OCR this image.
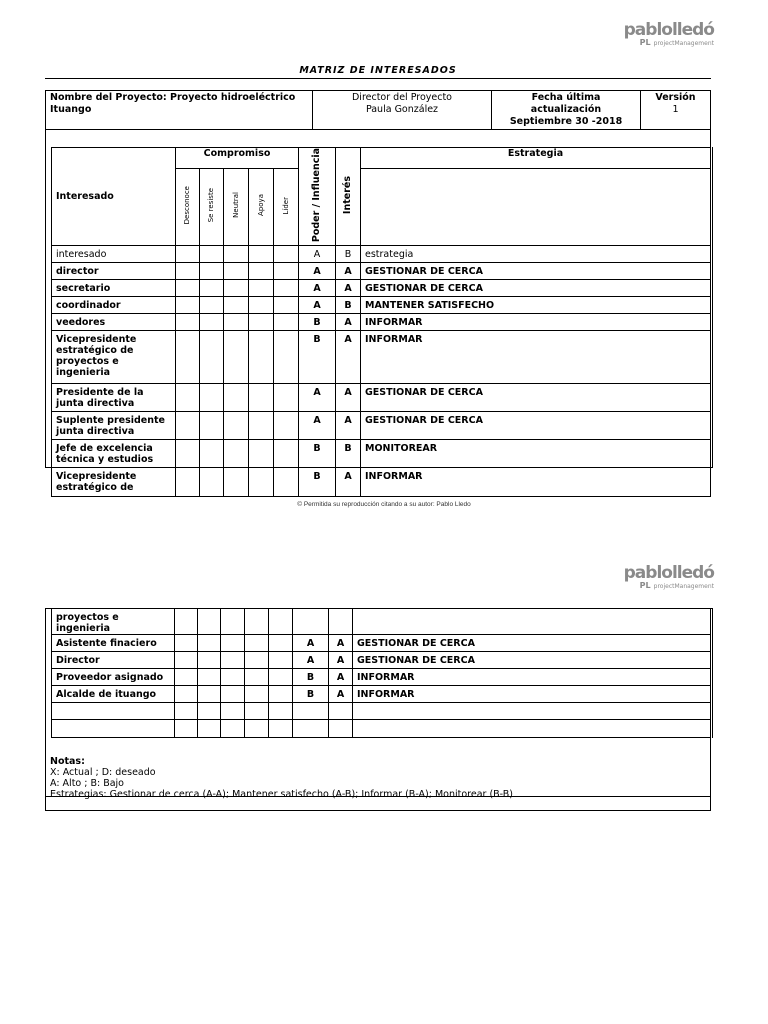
pablolledó
PL projectManagement
MATRIZ DE INTERESADOS
Nombre del Proyecto: Proyecto hidroeléctrico Ituango	
Director del Proyecto
Paula González

Fecha última actualización
Septiembre 30 -2018

Versión
1
Interesado	Compromiso					Poder / Influencia	Interés	Estrategia
	Desconoce	Se resiste	Neutral	Apoya	Líder			
interesado						A	B	estrategia
director						A	A	GESTIONAR DE CERCA
secretario						A	A	GESTIONAR DE CERCA
coordinador						A	B	MANTENER SATISFECHO
veedores						B	A	INFORMAR
Vicepresidente estratégico de proyectos e ingenieria						B	A	INFORMAR
Presidente de la junta directiva						A	A	GESTIONAR DE CERCA
Suplente presidente junta directiva						A	A	GESTIONAR DE CERCA
Jefe de excelencia técnica y estudios						B	B	MONITOREAR
Vicepresidente estratégico de						B	A	INFORMAR
© Permitida su reproducción citando a su autor: Pablo Lledo
pablolledó
PL projectManagement
proyectos e ingenieria								
Asistente finaciero						A	A	GESTIONAR DE CERCA
Director						A	A	GESTIONAR DE CERCA
Proveedor asignado						B	A	INFORMAR
Alcalde de ituango						B	A	INFORMAR

Notas:
X: Actual ; D: deseado
A: Alto ; B: Bajo
Estrategias: Gestionar de cerca (A-A); Mantener satisfecho (A-B); Informar (B-A); Monitorear (B-B)
